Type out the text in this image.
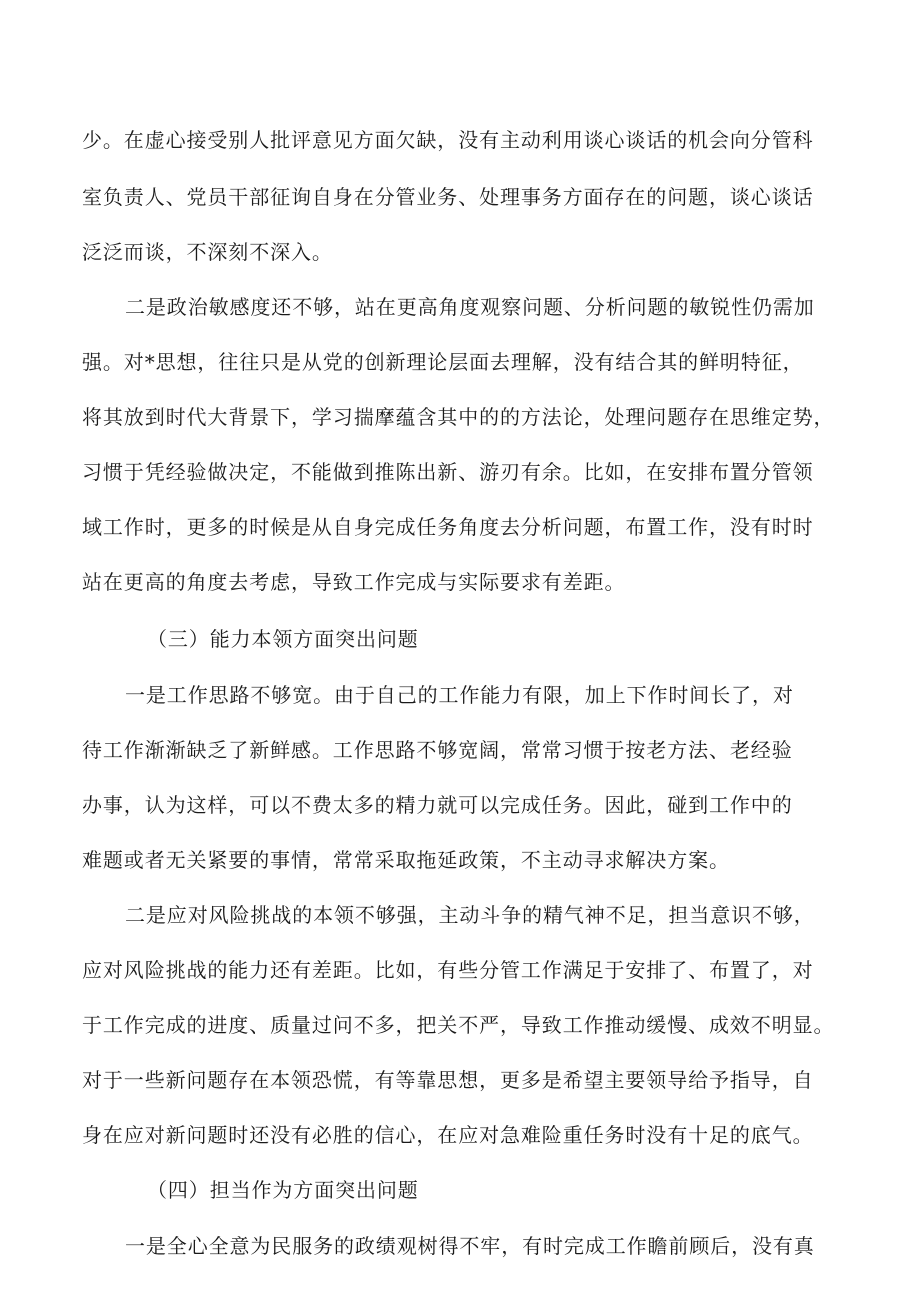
少。在虚心接受别人批评意见方面欠缺，没有主动利用谈心谈话的机会向分管科
室负责人、党员干部征询自身在分管业务、处理事务方面存在的问题，谈心谈话
泛泛而谈，不深刻不深入。
二是政治敏感度还不够，站在更高角度观察问题、分析问题的敏锐性仍需加
强。对*思想，往往只是从党的创新理论层面去理解，没有结合其的鲜明特征，
将其放到时代大背景下，学习揣摩蕴含其中的的方法论，处理问题存在思维定势，
习惯于凭经验做决定，不能做到推陈出新、游刃有余。比如，在安排布置分管领
域工作时，更多的时候是从自身完成任务角度去分析问题，布置工作，没有时时
站在更高的角度去考虑，导致工作完成与实际要求有差距。
（三）能力本领方面突出问题
一是工作思路不够宽。由于自己的工作能力有限，加上下作时间长了，对
待工作渐渐缺乏了新鲜感。工作思路不够宽阔，常常习惯于按老方法、老经验
办事，认为这样，可以不费太多的精力就可以完成任务。因此，碰到工作中的
难题或者无关紧要的事情，常常采取拖延政策，不主动寻求解决方案。
二是应对风险挑战的本领不够强，主动斗争的精气神不足，担当意识不够，
应对风险挑战的能力还有差距。比如，有些分管工作满足于安排了、布置了，对
于工作完成的进度、质量过问不多，把关不严，导致工作推动缓慢、成效不明显。
对于一些新问题存在本领恐慌，有等靠思想，更多是希望主要领导给予指导，自
身在应对新问题时还没有必胜的信心，在应对急难险重任务时没有十足的底气。
（四）担当作为方面突出问题
一是全心全意为民服务的政绩观树得不牢，有时完成工作瞻前顾后，没有真
